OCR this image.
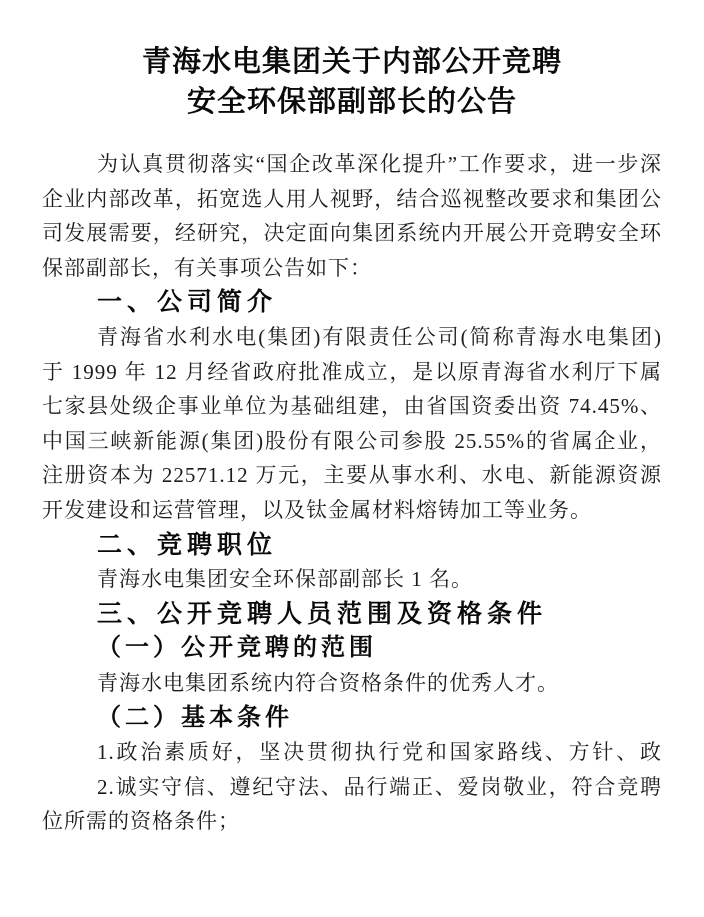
青海水电集团关于内部公开竞聘
安全环保部副部长的公告
为认真贯彻落实“国企改革深化提升”工作要求，进一步深
企业内部改革，拓宽选人用人视野，结合巡视整改要求和集团公
司发展需要，经研究，决定面向集团系统内开展公开竞聘安全环
保部副部长，有关事项公告如下：
一、公司简介
青海省水利水电(集团)有限责任公司(简称青海水电集团)
于 1999 年 12 月经省政府批准成立，是以原青海省水利厅下属
七家县处级企事业单位为基础组建，由省国资委出资 74.45%、
中国三峡新能源(集团)股份有限公司参股 25.55%的省属企业，
注册资本为 22571.12 万元，主要从事水利、水电、新能源资源
开发建设和运营管理，以及钛金属材料熔铸加工等业务。
二、竞聘职位
青海水电集团安全环保部副部长 1 名。
三、公开竞聘人员范围及资格条件
（一）公开竞聘的范围
青海水电集团系统内符合资格条件的优秀人才。
（二）基本条件
1.政治素质好，坚决贯彻执行党和国家路线、方针、政
2.诚实守信、遵纪守法、品行端正、爱岗敬业，符合竞聘
位所需的资格条件；
